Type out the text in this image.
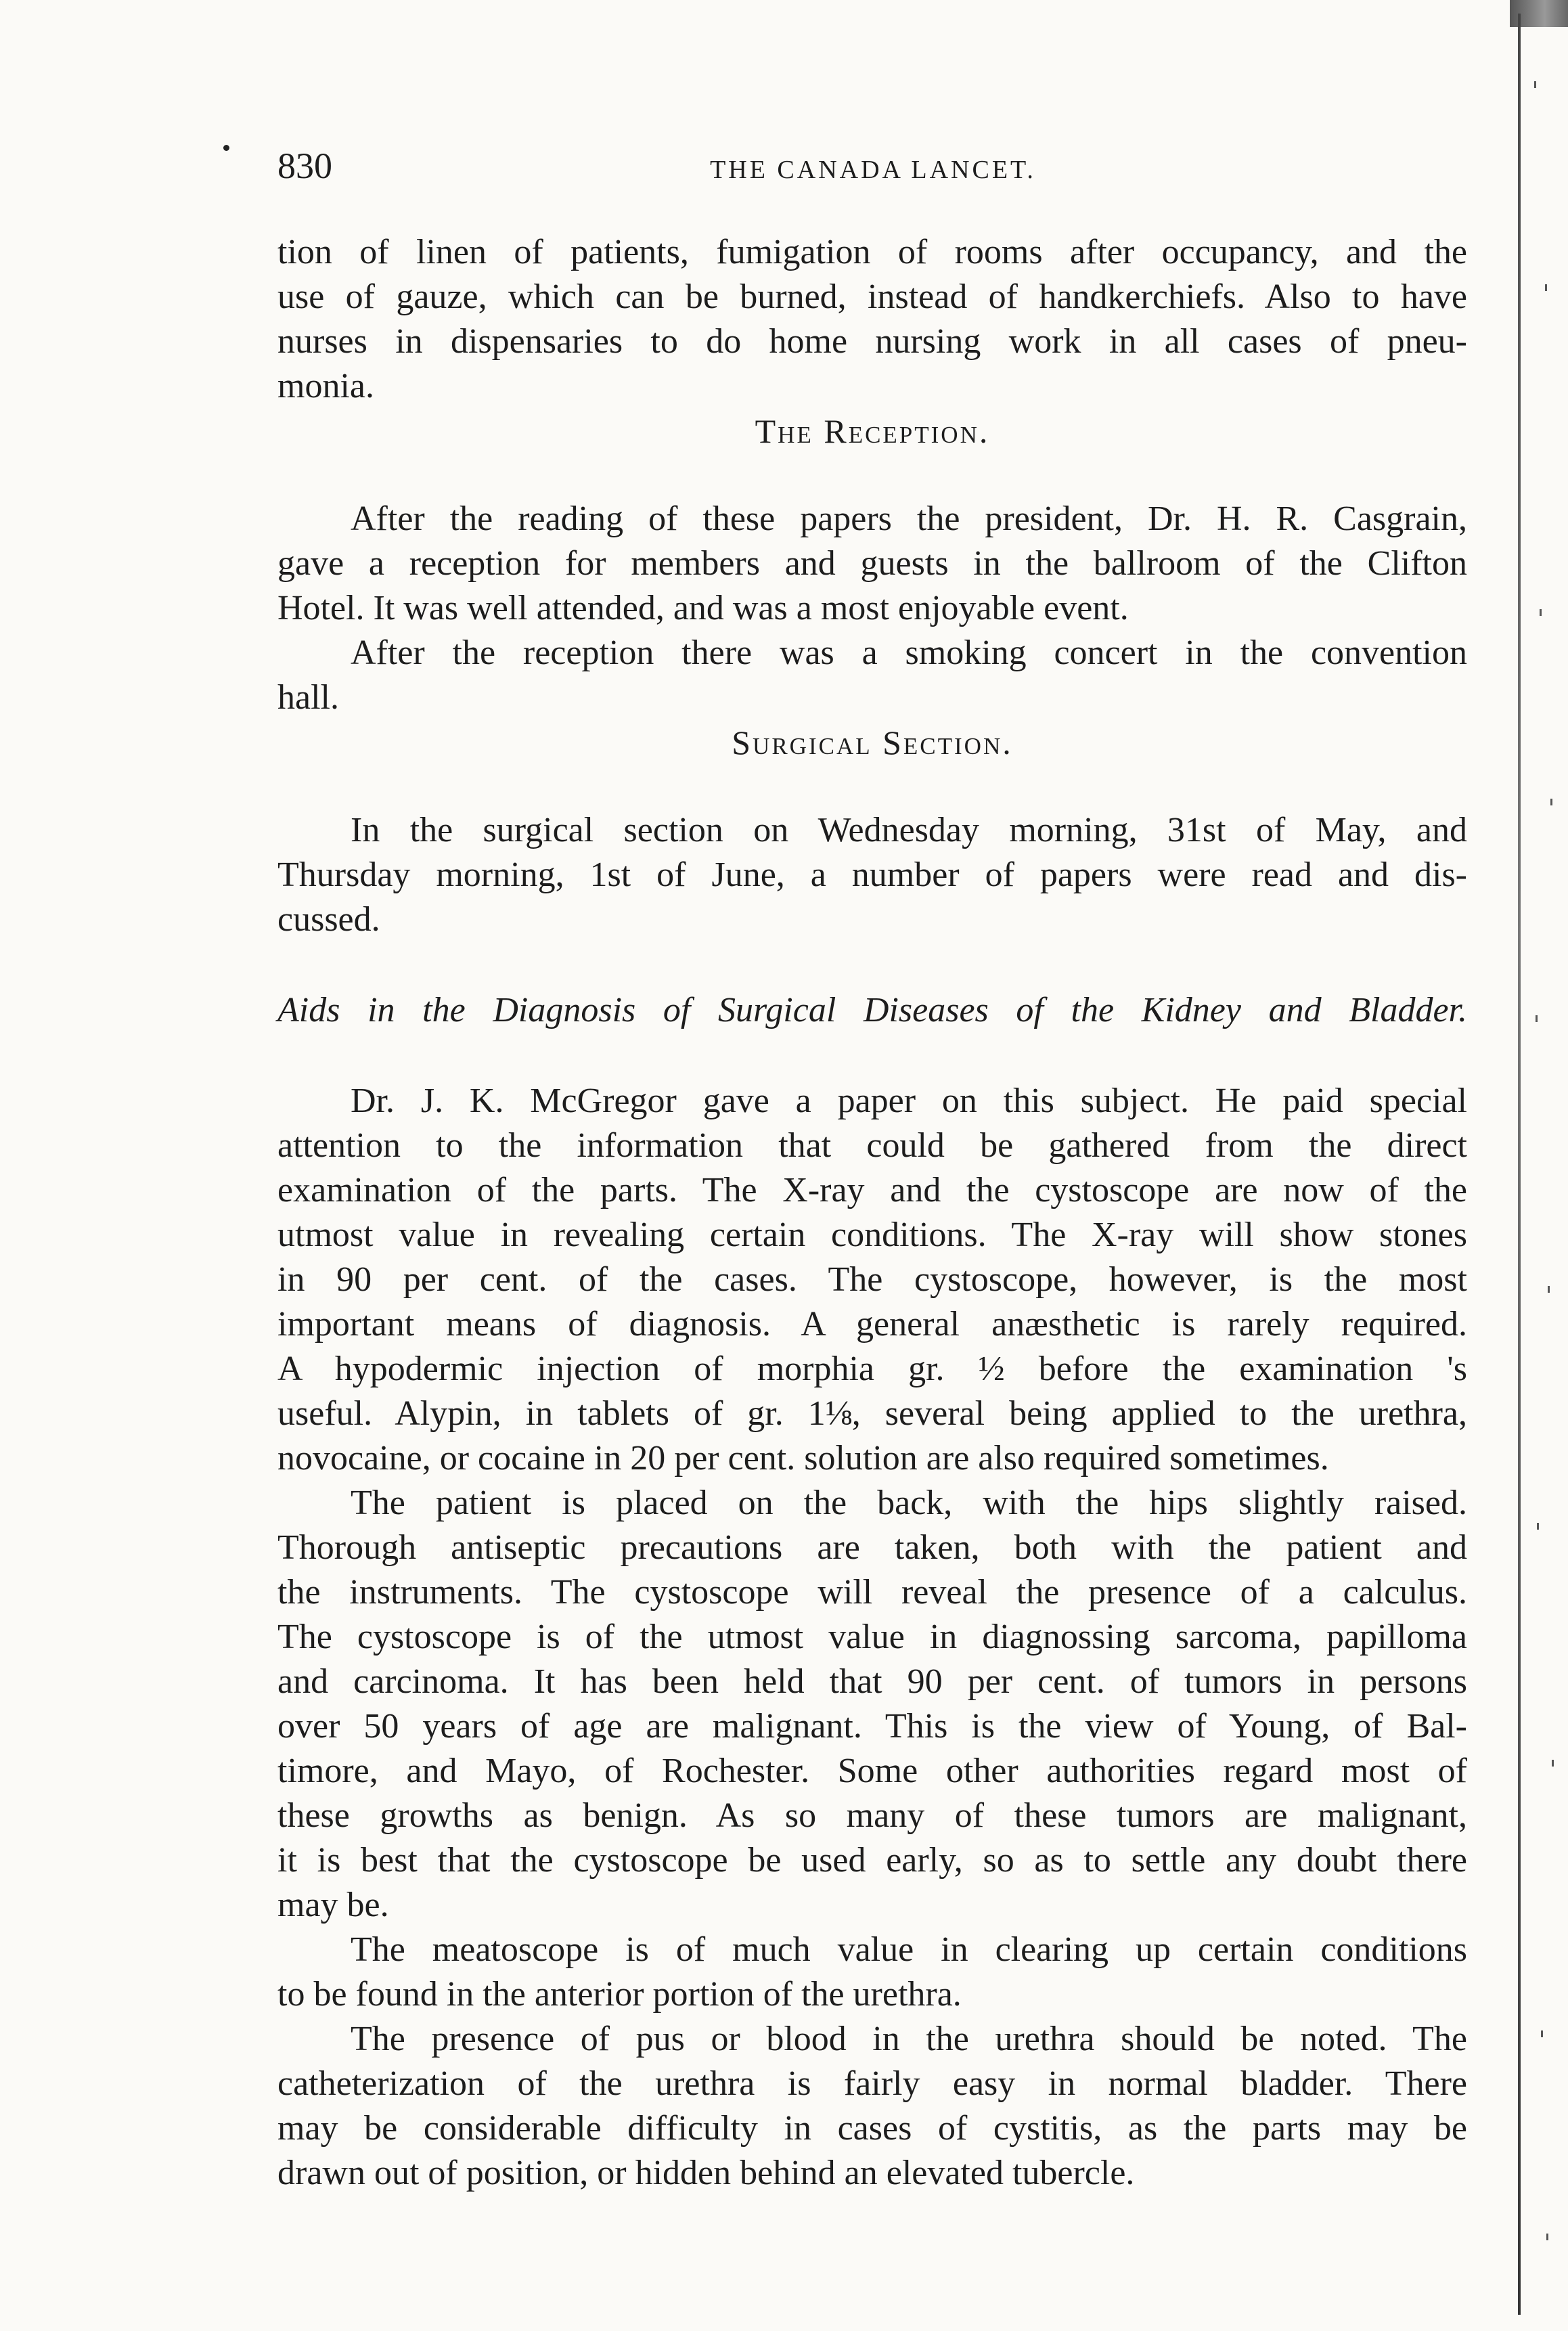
830	THE CANADA LANCET.
tion of linen of patients, fumigation of rooms after occupancy, and the
use of gauze, which can be burned, instead of handkerchiefs. Also to have
nurses in dispensaries to do home nursing work in all cases of pneu-
monia.
The Reception.
After the reading of these papers the president, Dr. H. R. Casgrain,
gave a reception for members and guests in the ballroom of the Clifton
Hotel. It was well attended, and was a most enjoyable event.
After the reception there was a smoking concert in the convention
hall.
Surgical Section.
In the surgical section on Wednesday morning, 31st of May, and
Thursday morning, 1st of June, a number of papers were read and dis-
cussed.
Aids in the Diagnosis of Surgical Diseases of the Kidney and Bladder.
Dr. J. K. McGregor gave a paper on this subject. He paid special
attention to the information that could be gathered from the direct
examination of the parts. The X-ray and the cystoscope are now of the
utmost value in revealing certain conditions. The X-ray will show stones
in 90 per cent. of the cases. The cystoscope, however, is the most
important means of diagnosis. A general anæsthetic is rarely required.
A hypodermic injection of morphia gr. ½ before the examination 's
useful. Alypin, in tablets of gr. 1⅛, several being applied to the urethra,
novocaine, or cocaine in 20 per cent. solution are also required sometimes.
The patient is placed on the back, with the hips slightly raised.
Thorough antiseptic precautions are taken, both with the patient and
the instruments. The cystoscope will reveal the presence of a calculus.
The cystoscope is of the utmost value in diagnossing sarcoma, papilloma
and carcinoma. It has been held that 90 per cent. of tumors in persons
over 50 years of age are malignant. This is the view of Young, of Bal-
timore, and Mayo, of Rochester. Some other authorities regard most of
these growths as benign. As so many of these tumors are malignant,
it is best that the cystoscope be used early, so as to settle any doubt there
may be.
The meatoscope is of much value in clearing up certain conditions
to be found in the anterior portion of the urethra.
The presence of pus or blood in the urethra should be noted. The
catheterization of the urethra is fairly easy in normal bladder. There
may be considerable difficulty in cases of cystitis, as the parts may be
drawn out of position, or hidden behind an elevated tubercle.
